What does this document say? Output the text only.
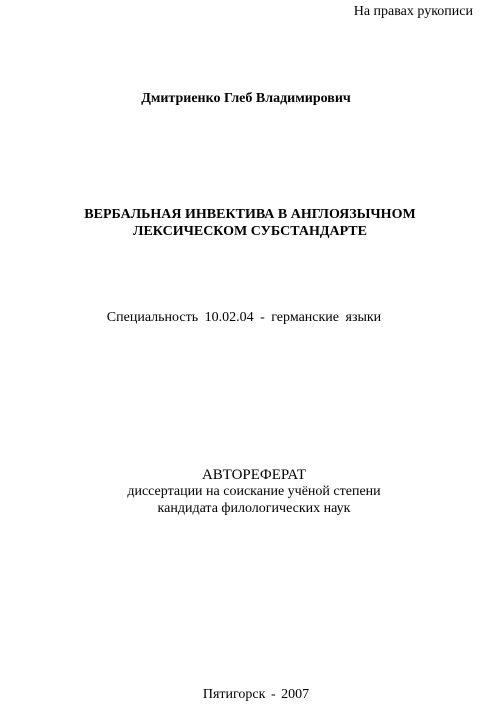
На правах рукописи
Дмитриенко Глеб Владимирович
ВЕРБАЛЬНАЯ ИНВЕКТИВА В АНГЛОЯЗЫЧНОМ
ЛЕКСИЧЕСКОМ СУБСТАНДАРТЕ
Специальность 10.02.04 - германские языки
АВТОРЕФЕРАТ
диссертации на соискание учёной степени
кандидата филологических наук
Пятигорск - 2007
